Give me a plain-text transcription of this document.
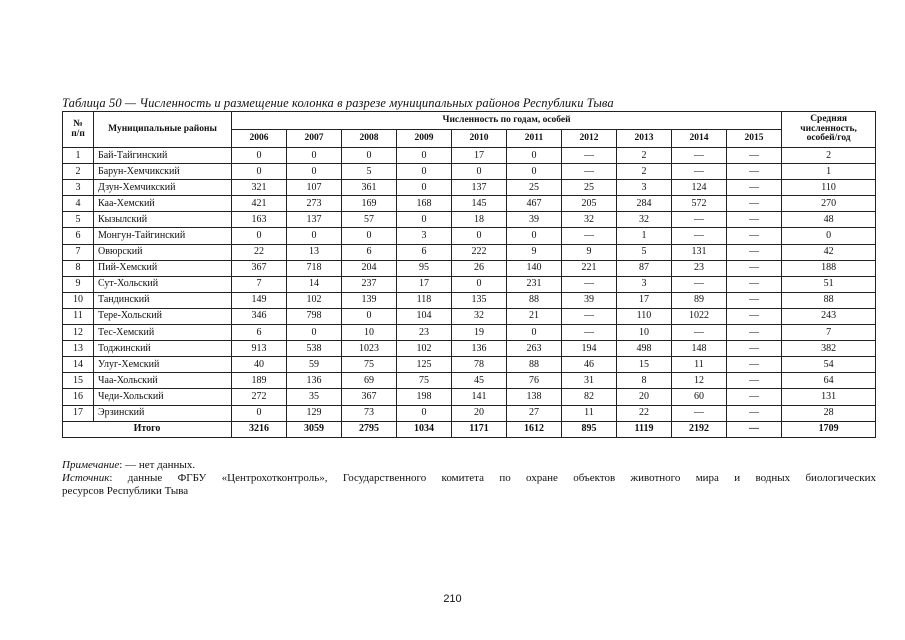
Таблица 50 — Численность и размещение колонка в разрезе муниципальных районов Республики Тыва
№ п/п	Муниципальные районы	Численность по годам, особей										Средняя численность, особей/год
		2006	2007	2008	2009	2010	2011	2012	2013	2014	2015	
1	Бай-Тайгинский	0	0	0	0	17	0	—	2	—	—	2
2	Барун-Хемчикский	0	0	5	0	0	0	—	2	—	—	1
3	Дзун-Хемчикский	321	107	361	0	137	25	25	3	124	—	110
4	Каа-Хемский	421	273	169	168	145	467	205	284	572	—	270
5	Кызылский	163	137	57	0	18	39	32	32	—	—	48
6	Монгун-Тайгинский	0	0	0	3	0	0	—	1	—	—	0
7	Овюрский	22	13	6	6	222	9	9	5	131	—	42
8	Пий-Хемский	367	718	204	95	26	140	221	87	23	—	188
9	Сут-Хольский	7	14	237	17	0	231	—	3	—	—	51
10	Тандинский	149	102	139	118	135	88	39	17	89	—	88
11	Тере-Хольский	346	798	0	104	32	21	—	110	1022	—	243
12	Тес-Хемский	6	0	10	23	19	0	—	10	—	—	7
13	Тоджинский	913	538	1023	102	136	263	194	498	148	—	382
14	Улуг-Хемский	40	59	75	125	78	88	46	15	11	—	54
15	Чаа-Хольский	189	136	69	75	45	76	31	8	12	—	64
16	Чеди-Хольский	272	35	367	198	141	138	82	20	60	—	131
17	Эрзинский	0	129	73	0	20	27	11	22	—	—	28
Итого		3216	3059	2795	1034	1171	1612	895	1119	2192	—	1709

Примечание: — нет данных.

Источник: данные ФГБУ «Центрохотконтроль», Государственного комитета по охране объектов животного мира и водных биологических

ресурсов Республики Тыва

210
